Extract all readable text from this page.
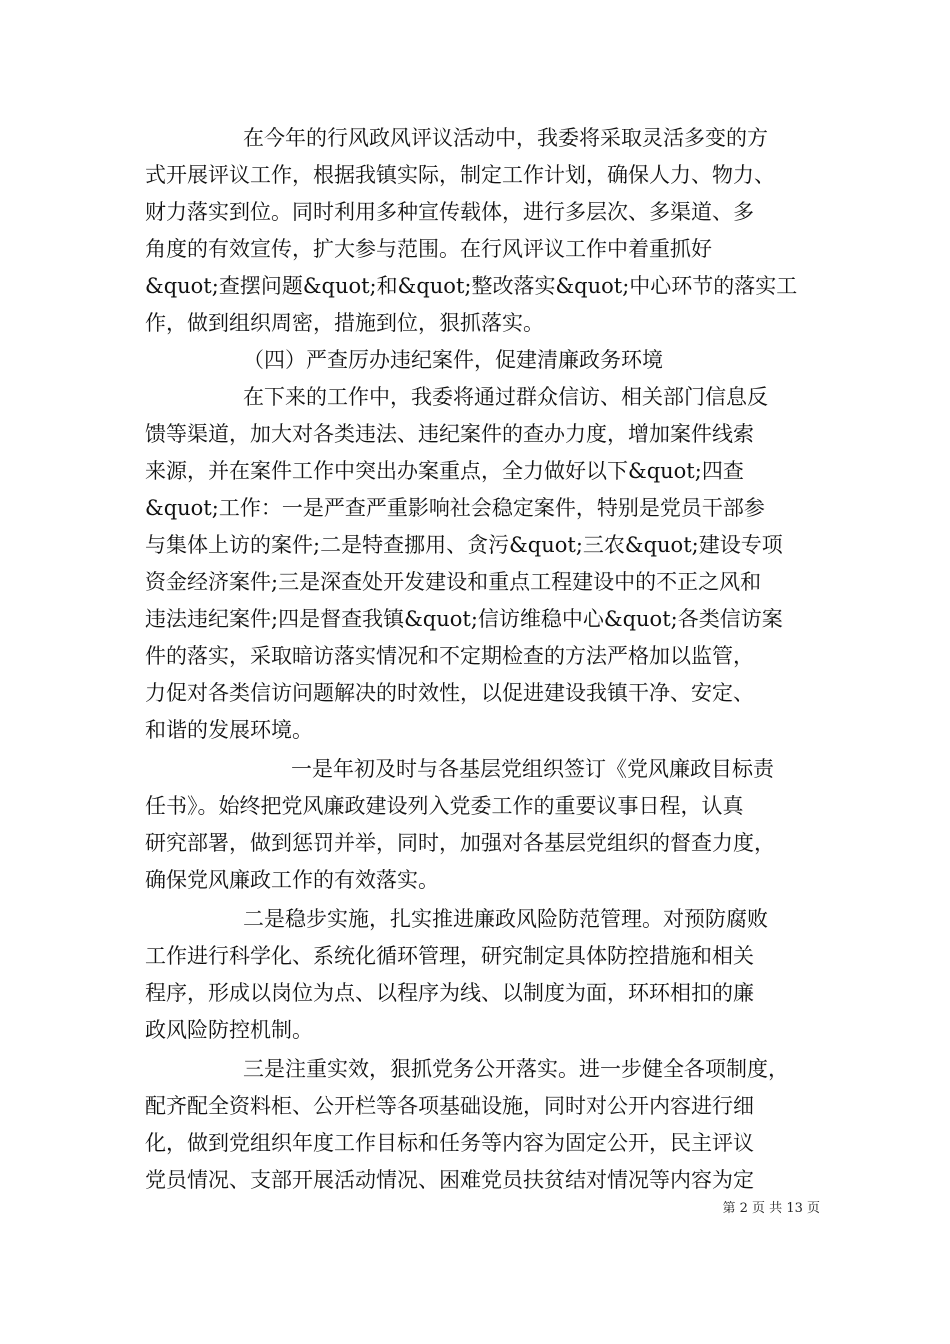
在今年的行风政风评议活动中，我委将采取灵活多变的方
式开展评议工作，根据我镇实际，制定工作计划，确保人力、物力、
财力落实到位。同时利用多种宣传载体，进行多层次、多渠道、多
角度的有效宣传，扩大参与范围。在行风评议工作中着重抓好
&quot;查摆问题&quot;和&quot;整改落实&quot;中心环节的落实工
作，做到组织周密，措施到位，狠抓落实。
（四）严查厉办违纪案件，促建清廉政务环境
在下来的工作中，我委将通过群众信访、相关部门信息反
馈等渠道，加大对各类违法、违纪案件的查办力度，增加案件线索
来源，并在案件工作中突出办案重点，全力做好以下&quot;四查
&quot;工作：一是严查严重影响社会稳定案件，特别是党员干部参
与集体上访的案件;二是特查挪用、贪污&quot;三农&quot;建设专项
资金经济案件;三是深查处开发建设和重点工程建设中的不正之风和
违法违纪案件;四是督查我镇&quot;信访维稳中心&quot;各类信访案
件的落实，采取暗访落实情况和不定期检查的方法严格加以监管，
力促对各类信访问题解决的时效性，以促进建设我镇干净、安定、
和谐的发展环境。
一是年初及时与各基层党组织签订《党风廉政目标责
任书》。始终把党风廉政建设列入党委工作的重要议事日程，认真
研究部署，做到惩罚并举，同时，加强对各基层党组织的督查力度，
确保党风廉政工作的有效落实。
二是稳步实施，扎实推进廉政风险防范管理。对预防腐败
工作进行科学化、系统化循环管理，研究制定具体防控措施和相关
程序，形成以岗位为点、以程序为线、以制度为面，环环相扣的廉
政风险防控机制。
三是注重实效，狠抓党务公开落实。进一步健全各项制度，
配齐配全资料柜、公开栏等各项基础设施，同时对公开内容进行细
化，做到党组织年度工作目标和任务等内容为固定公开，民主评议
党员情况、支部开展活动情况、困难党员扶贫结对情况等内容为定
第 2 页 共 13 页
